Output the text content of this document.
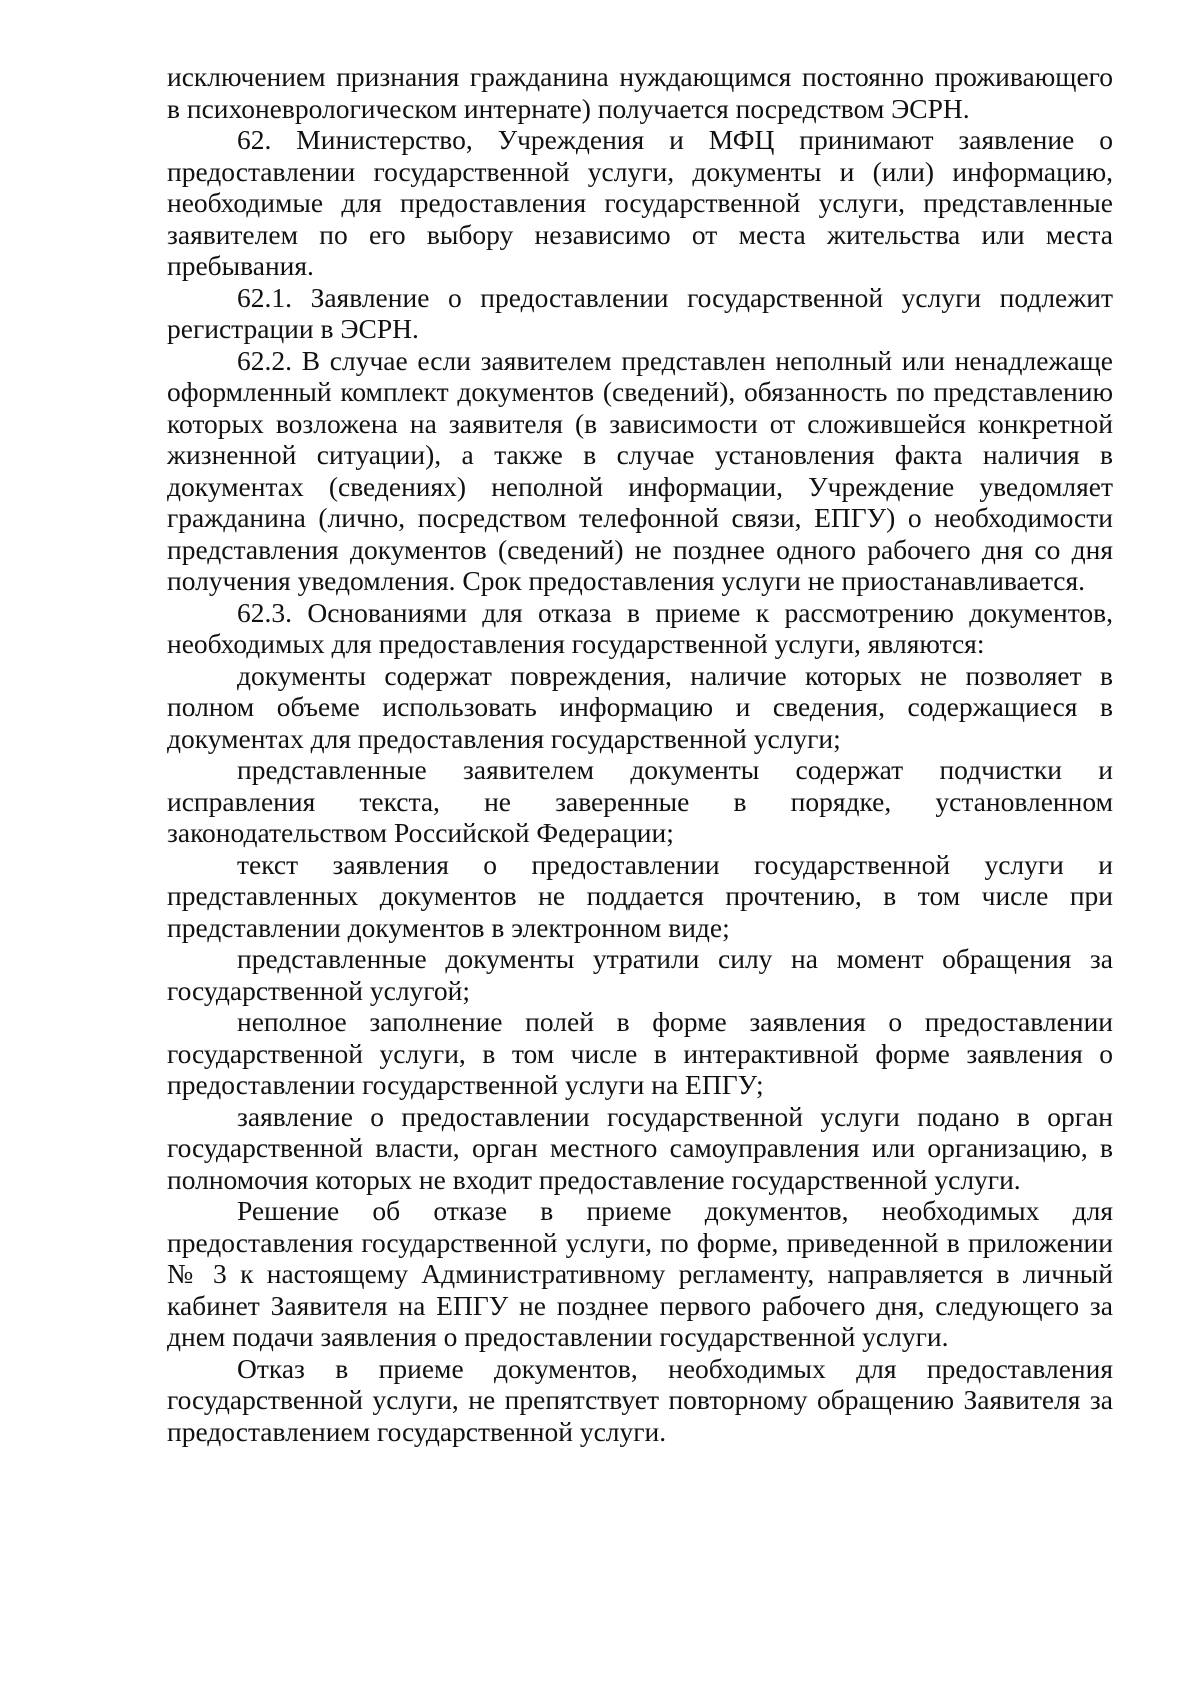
исключением признания гражданина нуждающимся постоянно проживающего в психоневрологическом интернате) получается посредством ЭСРН.

62. Министерство, Учреждения и МФЦ принимают заявление о предоставлении государственной услуги, документы и (или) информацию, необходимые для предоставления государственной услуги, представленные заявителем по его выбору независимо от места жительства или места пребывания.

62.1. Заявление о предоставлении государственной услуги подлежит регистрации в ЭСРН.

62.2. В случае если заявителем представлен неполный или ненадлежаще оформленный комплект документов (сведений), обязанность по представлению которых возложена на заявителя (в зависимости от сложившейся конкретной жизненной ситуации), а также в случае установления факта наличия в документах (сведениях) неполной информации, Учреждение уведомляет гражданина (лично, посредством телефонной связи, ЕПГУ) о необходимости представления документов (сведений) не позднее одного рабочего дня со дня получения уведомления. Срок предоставления услуги не приостанавливается.

62.3. Основаниями для отказа в приеме к рассмотрению документов, необходимых для предоставления государственной услуги, являются:

документы содержат повреждения, наличие которых не позволяет в полном объеме использовать информацию и сведения, содержащиеся в документах для предоставления государственной услуги;

представленные заявителем документы содержат подчистки и исправления текста, не заверенные в порядке, установленном законодательством Российской Федерации;

текст заявления о предоставлении государственной услуги и представленных документов не поддается прочтению, в том числе при представлении документов в электронном виде;

представленные документы утратили силу на момент обращения за государственной услугой;

неполное заполнение полей в форме заявления о предоставлении государственной услуги, в том числе в интерактивной форме заявления о предоставлении государственной услуги на ЕПГУ;

заявление о предоставлении государственной услуги подано в орган государственной власти, орган местного самоуправления или организацию, в полномочия которых не входит предоставление государственной услуги.

Решение об отказе в приеме документов, необходимых для предоставления государственной услуги, по форме, приведенной в приложении № 3 к настоящему Административному регламенту, направляется в личный кабинет Заявителя на ЕПГУ не позднее первого рабочего дня, следующего за днем подачи заявления о предоставлении государственной услуги.

Отказ в приеме документов, необходимых для предоставления государственной услуги, не препятствует повторному обращению Заявителя за предоставлением государственной услуги.
